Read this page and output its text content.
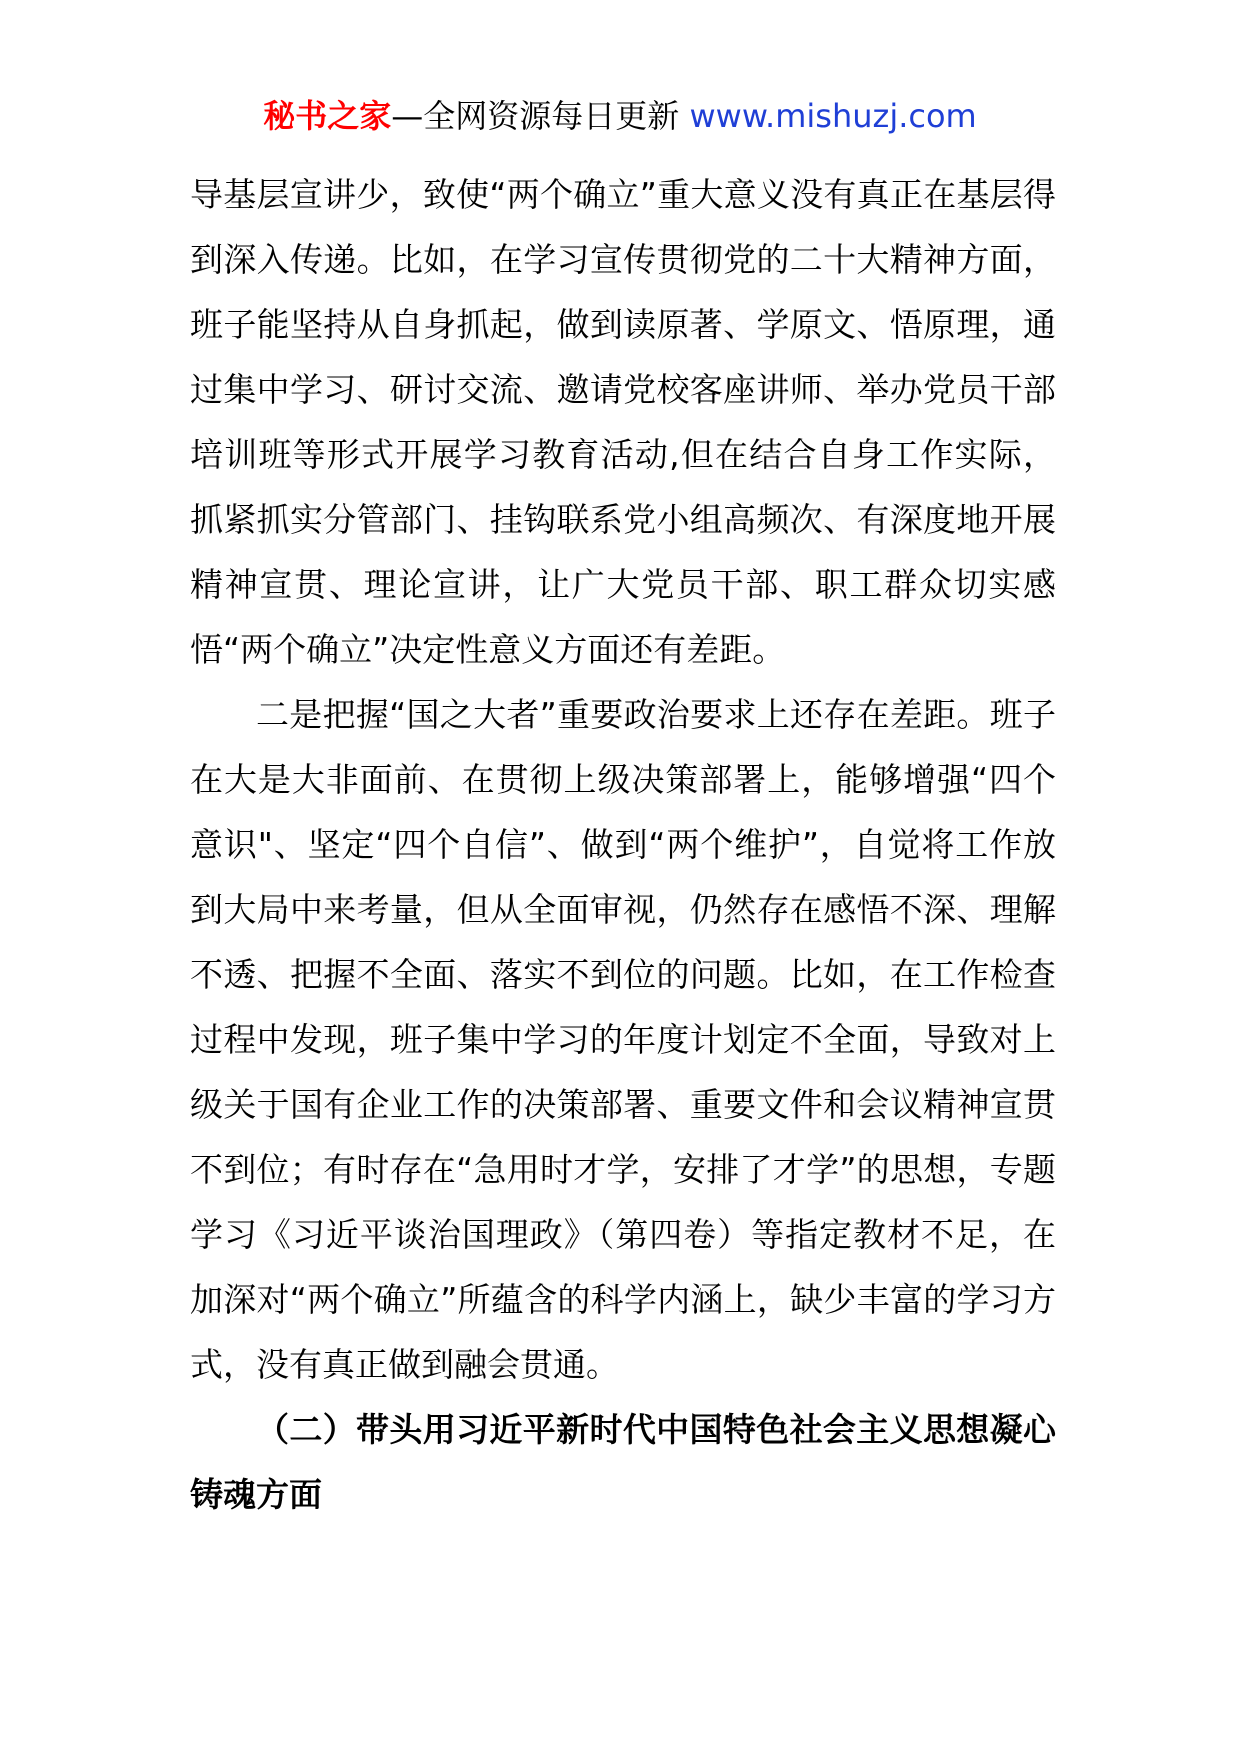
秘书之家—全网资源每日更新 www.mishuzj.com

导基层宣讲少，致使“两个确立”重大意义没有真正在基层得到深入传递。比如，在学习宣传贯彻党的二十大精神方面，班子能坚持从自身抓起，做到读原著、学原文、悟原理，通过集中学习、研讨交流、邀请党校客座讲师、举办党员干部培训班等形式开展学习教育活动,但在结合自身工作实际，抓紧抓实分管部门、挂钩联系党小组高频次、有深度地开展精神宣贯、理论宣讲，让广大党员干部、职工群众切实感悟“两个确立”决定性意义方面还有差距。

二是把握“国之大者”重要政治要求上还存在差距。班子在大是大非面前、在贯彻上级决策部署上，能够增强“四个意识"、坚定“四个自信”、做到“两个维护”，自觉将工作放到大局中来考量，但从全面审视，仍然存在感悟不深、理解不透、把握不全面、落实不到位的问题。比如，在工作检查过程中发现，班子集中学习的年度计划定不全面，导致对上级关于国有企业工作的决策部署、重要文件和会议精神宣贯不到位；有时存在“急用时才学，安排了才学”的思想，专题学习《习近平谈治国理政》（第四卷）等指定教材不足，在加深对“两个确立”所蕴含的科学内涵上，缺少丰富的学习方式，没有真正做到融会贯通。

（二）带头用习近平新时代中国特色社会主义思想凝心铸魂方面
